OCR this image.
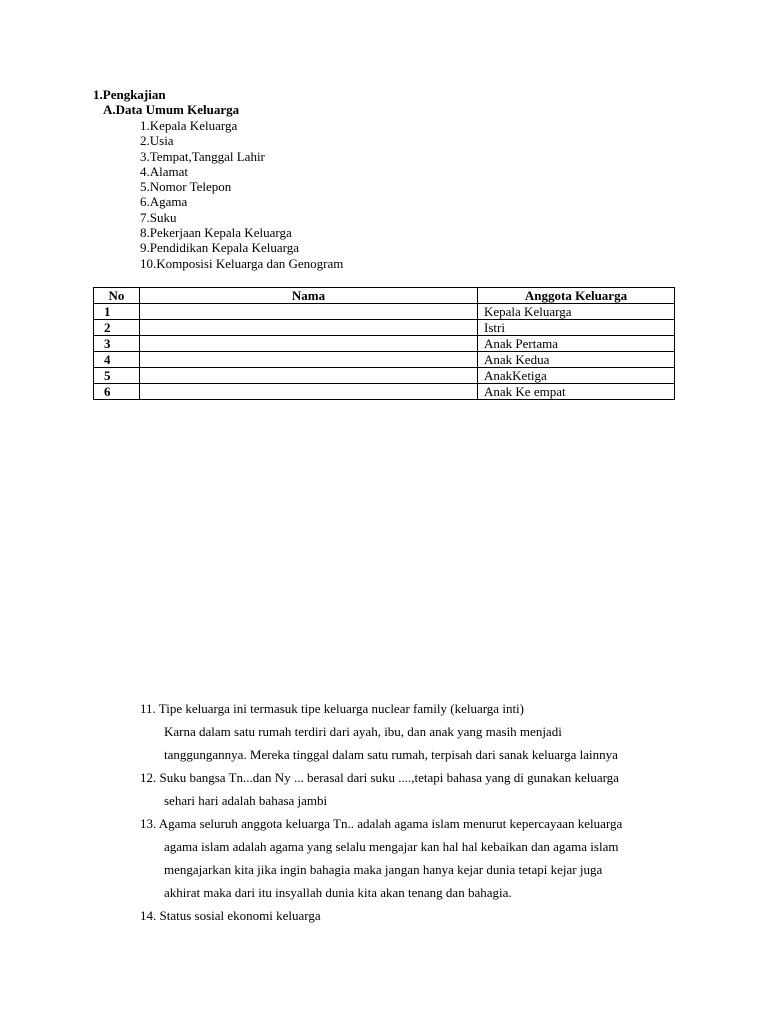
1.Pengkajian
A.Data Umum Keluarga
1.Kepala Keluarga
2.Usia
3.Tempat,Tanggal Lahir
4.Alamat
5.Nomor Telepon
6.Agama
7.Suku
8.Pekerjaan Kepala Keluarga
9.Pendidikan Kepala Keluarga
10.Komposisi Keluarga dan Genogram
No	Nama	Anggota Keluarga
1		Kepala Keluarga
2		Istri
3		Anak Pertama
4		Anak Kedua
5		AnakKetiga
6		Anak Ke empat

11. Tipe keluarga ini termasuk tipe keluarga nuclear family (keluarga inti)

Karna dalam satu rumah terdiri dari ayah, ibu, dan anak yang masih menjadi

tanggungannya. Mereka tinggal dalam satu rumah, terpisah dari sanak keluarga lainnya

12. Suku bangsa Tn...dan Ny ... berasal dari suku ....,tetapi bahasa yang di gunakan keluarga

sehari hari adalah bahasa jambi

13. Agama seluruh anggota keluarga Tn.. adalah agama islam menurut kepercayaan keluarga

agama islam adalah agama yang selalu mengajar kan hal hal kebaikan dan agama islam

mengajarkan kita jika ingin bahagia maka jangan hanya kejar dunia tetapi kejar juga

akhirat maka dari itu insyallah dunia kita akan tenang dan bahagia.

14. Status sosial ekonomi keluarga
